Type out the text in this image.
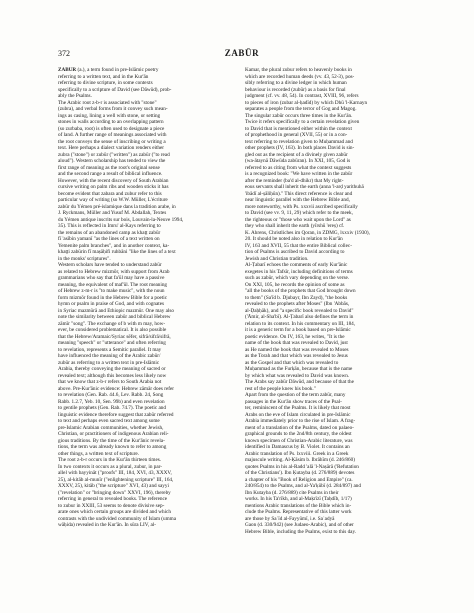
372	ZABŪR
ZABŪR (a.), a term found in pre-Islāmic poetry
referring to a written text, and in the Kur'ān
referring to divine scripture, in some contexts
specifically to a scripture of David (see Dāwūd), prob-
ably the Psalms.
The Arabic root z-b-r is associated with "stone"
(zubra), and verbal forms from it convey such mean-
ings as casing, lining a well with stone, or setting
stones in walls according to an overlapping pattern
(so zurbaba, root) is often used to designate a piece
of land. A further range of meanings associated with
the root conveys the sense of inscribing or writing a
text. Here perhaps a dialect variation renders either
zubra ("stone") or zubūr ("written") as zabūr ("to read
aloud"). Western scholarship has tended to view the
first range of meaning as the root's original sense
and the second range a result of biblical influence.
However, with the recent discovery of South Arabian
cursive writing on palm ribs and wooden sticks it has
become evident that zabara and zubur refer to this
particular way of writing (so W.W. Müller, L'écriture
zabūr du Yémen pré-islamique dans la tradition arabe, in
J. Ryckmans, Müller and Yusuf M. Abdallah, Textes
du Yémen antique inscrits sur bois, Louvain-la-Neuve 1994,
35). This is reflected in Imru' al-Kays referring to
the remains of an abandoned camp as khaṭṭ zabūr
fī 'asībin yamanī "as the lines of a text written on
Yemenite palm branches", and in another context, ka-
khaṭṭi zabūrin fī maṣāḥifi ruhbāni "like the lines of a text
in the monks' scriptures".
Western scholars have tended to understand zabūr
as related to Hebrew mizmōr, with support from Arab
grammarians who say that fa'ūl may have a passive
meaning, the equivalent of maf'ūl. The root meaning
of Hebrew z-m-r is "to make music", with the noun
form mizmōr found in the Hebrew Bible for a poetic
hymn or psalm in praise of God, and with cognates
in Syriac mazmūrā and Ethiopic mazmūr. One may also
note the similarity between zabūr and biblical Hebrew
zāmīr "song". The exchange of b with m may, how-
ever, be considered problematical. It is also possible
that the Hebrew/Aramaic/Syriac sēfer, sifrā/sifrā/sifrā,
meaning "speech" or "utterance" and often referring
to revelation, represents a Semitic parallel. It may
have influenced the meaning of the Arabic zabūr/
zubūr as referring to a written text in pre-Islāmic
Arabia, thereby conveying the meaning of sacred or
revealed text; although this becomes less likely now
that we know that z-b-r refers to South Arabia not
above. Pre-Kur'ānic evidence: Hebrew zāmār does refer
to revelation (Gen. Rab. 44.6, Lev. Rabb. 24, Song
Rabb. 1.2.7, Yeb. 10, Sen. 99b) and even revelation
to gentile prophets (Gen. Rab. 74.7). The poetic and
linguistic evidence therefore suggest that zabūr referred
to text and perhaps even sacred text among some
pre-Islamic Arabian communities, whether Jewish,
Christian, or practitioners of indigenous Arabian reli-
gious traditions. By the time of the Kur'ānic revela-
tions, the term was already known to refer to among
other things, a written text of scripture.
The root z-b-r occurs in the Kur'ān thirteen times.
In two contexts it occurs as a plural, zubur, in par-
allel with bayyināt ("proofs" III, 184, XVI, 43, XXXV,
25), al-kitāb al-munīr ("enlightening scripture" III, 164,
XXXV, 25), kitāb ("the scripture" XVI, 43) and sayyi
("revelation" or "bringing down" XXVI, 196), thereby
referring in general to revealed books. The reference
to zubur in XXIII, 53 seems to denote divisive sep-
arate ones which certain groups are divided and which
contrasts with the undivided community of Islam (umma
wāḥida) revealed in the Kur'ān. In sūra LIV, al-
Kamar, the plural zubur refers to heavenly books in
which are recorded human deeds (vv. 43, 52-3), pos-
sibly referring to a divine ledger in which human
behaviour is recorded (zubūr) as a basis for final
judgment (cf. vv. 48, 54). In contrast, XVIII, 96, refers
to pieces of iron (zubar al-ḥadīd) by which Dhū 'l-Karnayn
separates a people from the terror of Gog and Magog.
The singular zabūr occurs three times in the Kur'ān.
Twice it refers specifically to a certain revelation given
to David that is mentioned either within the context
of prophethood in general (XVII, 55) or in a con-
text referring to revelation given to Muḥammad and
other prophets (IV, 163). In both places David is sin-
gled out as the recipient of a divinely given zabūr
(wa-ātaynā Dāwūda zabūran). In XXI, 105, God is
referred to as citing from what the context suggests
is a recognized book: "We have written in the zabūr
after the reminder (ba'd al-dhikr) that My right-
eous servants shall inherit the earth (anna 'l-arḍ yarithuhā
'ibādī al-ṣāliḥūn)." This direct reference is clear and
near linguistic parallel with the Hebrew Bible and,
more noteworthy, with Ps. xxxvii ascribed specifically
to David (see vv. 9, 11, 29) which refer to the meek,
the righteous or "those who wait upon the Lord" as
they who shall inherit the earth (yīrshū 'ereṣ) cf.
K. Ahrens, Christliches im Qoran, in ZDMG, lxxxiv (1930),
20. It should be noted also in relation to Kur'ān
IV, 163 and XVII, 55 that the entire Biblical collec-
tion of Psalms is ascribed to David according to
Jewish and Christian tradition.
Al-Ṭabarī echoes the comments of early Kur'ānic
exegetes in his Tafsīr, including definitions of terms
such as zabūr, which vary depending on the verse.
On XXI, 105, he records the opinion of some as
"all the books of the prophets that God brought down
to them" (Sa'īd b. Djubayr, Ibn Zayd), "the books
revealed to the prophets after Moses" (Ibn 'Abbās,
al-Ḍaḥḥāk), and "a specific book revealed to David"
('Āmir, al-Sha'bī). Al-Ṭabarī also defines the term in
relation to its context. In his commentary on III, 184,
it is a generic term for a book based on pre-Islāmic
poetic evidence. On IV, 163, he writes, "It is the
name of the book that was revealed to David, just
as He named the book that was revealed to Moses
as the Torah and that which was revealed to Jesus
as the Gospel and that which was revealed to
Muḥammad as the Furḳān, because that is the name
by which what was revealed to David was known.
The Arabs say zabūr Dāwūd, and because of that the
rest of the people knew his book."
Apart from the question of the term zabūr, many
passages in the Kur'ān show traces of the Psal-
ter, reminiscent of the Psalms. It is likely that most
Arabs on the eve of Islam circulated in pre-Islāmic
Arabia immediately prior to the rise of Islam. A frag-
ment of a translation of the Psalms, dated on palaeo-
graphical grounds to the 2nd/8th century, the oldest
known specimen of Christian-Arabic literature, was
identified in Damascus by B. Violet. It contains an
Arabic translation of Ps. lxxviii. Greek in a Greek
majuscule writing. Al-Ḳāsim b. Ibrāhīm (d. 246/860)
quotes Psalms in his al-Radd 'alā 'l-Naṣārā ('Refutation
of the Christians'). Ibn Ḳutayba (d. 276/889) devotes
a chapter of his "Book of Religion and Empire" (ca.
240/854) to the Psalms, and al-Ya'ḳūbī (d. 284/897) and
Ibn Kutayba (d. 276/889) cite Psalms in their
works. In his Ta'rīkh, and al-Maḳrīzī (Taḥdīb, 1/17)
mentions Arabic translations of the Bible which in-
clude the Psalms. Representative of this latter work
are those by Saʿīd al-Fayyūmī, i.e. Saʿadyā
Gaon (d. 330/942) (see Judaeo-Arabic), and of other
Hebrew Bible, including the Psalms, exist to this day.
